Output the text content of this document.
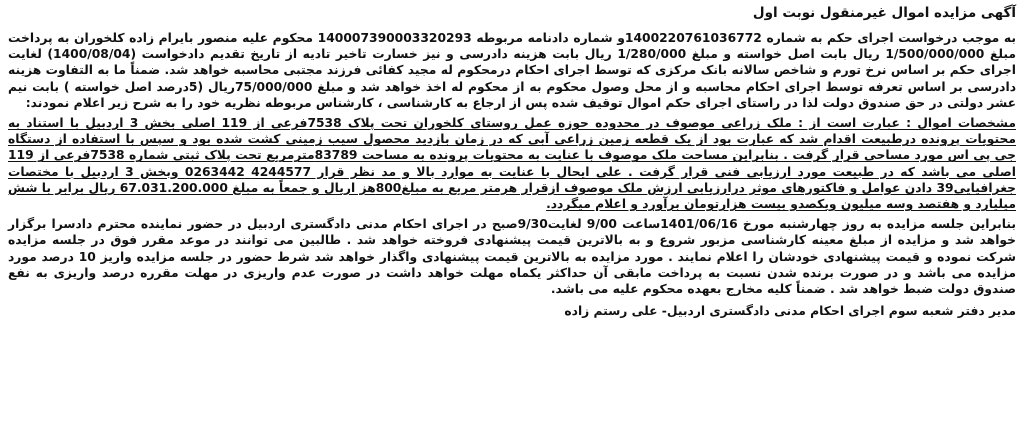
آگهی مزایده اموال غیرمنقول نوبت اول

به موجب درخواست اجرای حکم به شماره 140022076103677‪2‬و شماره دادنامه مربوطه 140007390003320293 محکوم علیه منصور بایرام زاده کلخوران به پرداخت مبلغ 1/500/000/000 ریال بابت اصل خواسته و مبلغ 1/280/000 ریال بابت هزینه دادرسی و نیز خسارت تاخیر تادیه از تاریخ تقدیم دادخواست (1400/08/04) لغایت اجرای حکم بر اساس نرخ تورم و شاخص سالانه بانک مرکزی که توسط اجرای احکام درمحکوم له مجید کفائی فرزند مجتبی محاسبه خواهد شد. ضمناً ما به التفاوت هزینه دادرسی بر اساس تعرفه توسط اجرای احکام محاسبه و از محل وصول محکوم به از محکوم له اخذ خواهد شد و مبلغ 75/000/000ریال (5درصد اصل خواسته ) بابت نیم عشر دولتی در حق صندوق دولت لذا در راستای اجرای حکم اموال توقیف شده پس از ارجاع به کارشناسی ، کارشناس مربوطه نظریه خود را به شرح زیر اعلام نمودند:

مشخصات اموال : عبارت است از : ملک زراعی موصوف در محدوده حوزه عمل روستای کلخوران تحت پلاک 7538فرعی از 119 اصلی بخش 3 اردبیل با استناد به محتویات پرونده درطبیعت اقدام شد که عبارت بود از یک قطعه زمین زراعی آبی که در زمان بازدید محصول سیب زمینی کشت شده بود و سپس با استفاده از دستگاه جی پی اس مورد مساحی قرار گرفت . بنابراین مساحت ملک موصوف با عنایت به محتویات پرونده به مساحت 83789مترمربع تحت پلاک ثبتی شماره 7538فرعی از 119 اصلی می باشد که در طبیعت مورد ارزیابی فنی قرار گرفت . علی ایحال با عنایت به موارد بالا و مد نظر قرار 4244577 0263442 وبخش 3 اردبیل با مختصات جغرافیایی39 دادن عوامل و فاکتورهای موثر درارزیابی ارزش ملک موصوف ازقرار هرمتر مربع به مبلغ800هز اریال و جمعاً به مبلغ 67.031.200.000 ریال برابر با شش میلیارد و هفتصد وسه میلیون ویکصدو بیست هزارتومان برآورد و اعلام میگردد.

بنابراین جلسه مزایده به روز چهارشنبه مورخ 1401/06/16ساعت 9/00 لغایت9/30صبح در اجرای احکام مدنی دادگستری اردبیل در حضور نماینده محترم دادسرا برگزار خواهد شد و مزایده از مبلغ معینه کارشناسی مزبور شروع و به بالاترین قیمت پیشنهادی فروخته خواهد شد . طالبین می توانند در موعد مقرر فوق در جلسه مزایده شرکت نموده و قیمت پیشنهادی خودشان را اعلام نمایند . مورد مزایده به بالاترین قیمت پیشنهادی واگذار خواهد شد شرط حضور در جلسه مزایده واریز 10 درصد مورد مزایده می باشد و در صورت برنده شدن نسبت به پرداخت مابقی آن حداکثر یکماه مهلت خواهد داشت در صورت عدم واریزی در مهلت مقرره درصد واریزی به نفع صندوق دولت ضبط خواهد شد . ضمناً کلیه مخارج بعهده محکوم علیه می باشد.

مدیر دفتر شعبه سوم اجرای احکام مدنی دادگستری اردبیل- علی رستم زاده
